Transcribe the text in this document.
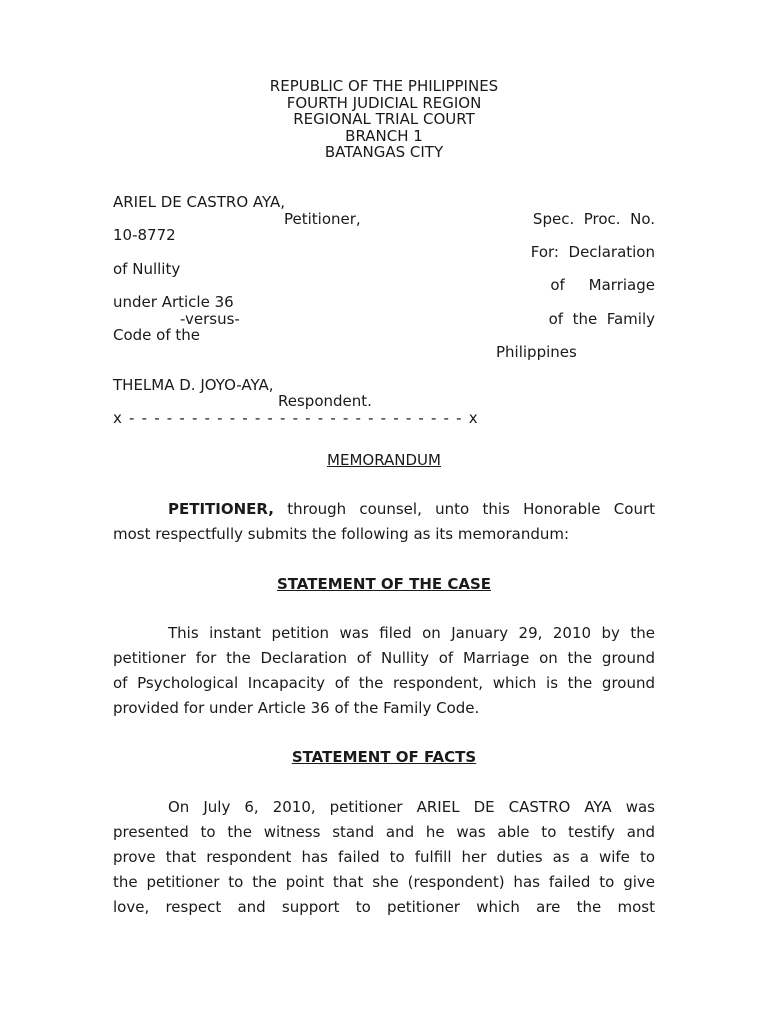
REPUBLIC OF THE PHILIPPINES
FOURTH JUDICIAL REGION
REGIONAL TRIAL COURT
BRANCH 1
BATANGAS CITY
ARIEL DE CASTRO AYA,
Petitioner,	Spec.  Proc.  No.
10-8772
For:  Declaration
of Nullity
of     Marriage
under Article 36
-versus-	of  the  Family
Code of the
Philippines
THELMA D. JOYO-AYA,
Respondent.
x - - - - - - - - - - - - - - - - - - - - - - - - - - - x
MEMORANDUM
PETITIONER, through counsel, unto this Honorable Court
most respectfully submits the following as its memorandum:
STATEMENT OF THE CASE
This instant petition was filed on January 29, 2010 by the
petitioner for the Declaration of Nullity of Marriage on the ground
of Psychological Incapacity of the respondent, which is the ground
provided for under Article 36 of the Family Code.
STATEMENT OF FACTS
On July 6, 2010, petitioner ARIEL DE CASTRO AYA was
presented to the witness stand and he was able to testify and
prove that respondent has failed to fulfill her duties as a wife to
the petitioner to the point that she (respondent) has failed to give
love, respect and support to petitioner which are the most
